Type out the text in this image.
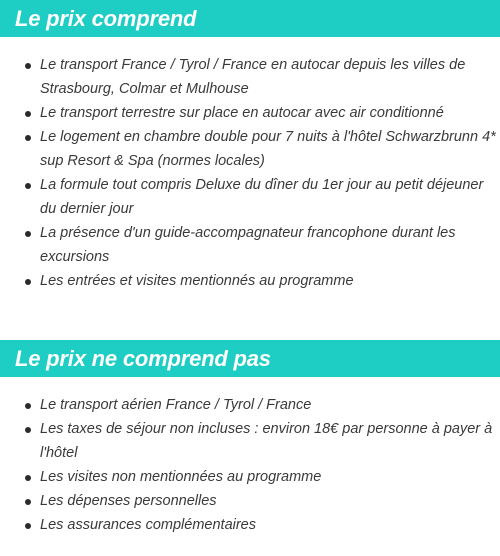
Le prix comprend
Le transport France / Tyrol / France en autocar depuis les villes de Strasbourg, Colmar et Mulhouse
Le transport terrestre sur place en autocar avec air conditionné
Le logement en chambre double pour 7 nuits à l'hôtel Schwarzbrunn 4* sup Resort & Spa (normes locales)
La formule tout compris Deluxe du dîner du 1er jour au petit déjeuner du dernier jour
La présence d'un guide-accompagnateur francophone durant les excursions
Les entrées et visites mentionnés au programme
Le prix ne comprend pas
Le transport aérien France / Tyrol / France
Les taxes de séjour non incluses : environ 18€ par personne à payer à l'hôtel
Les visites non mentionnées au programme
Les dépenses personnelles
Les assurances complémentaires
